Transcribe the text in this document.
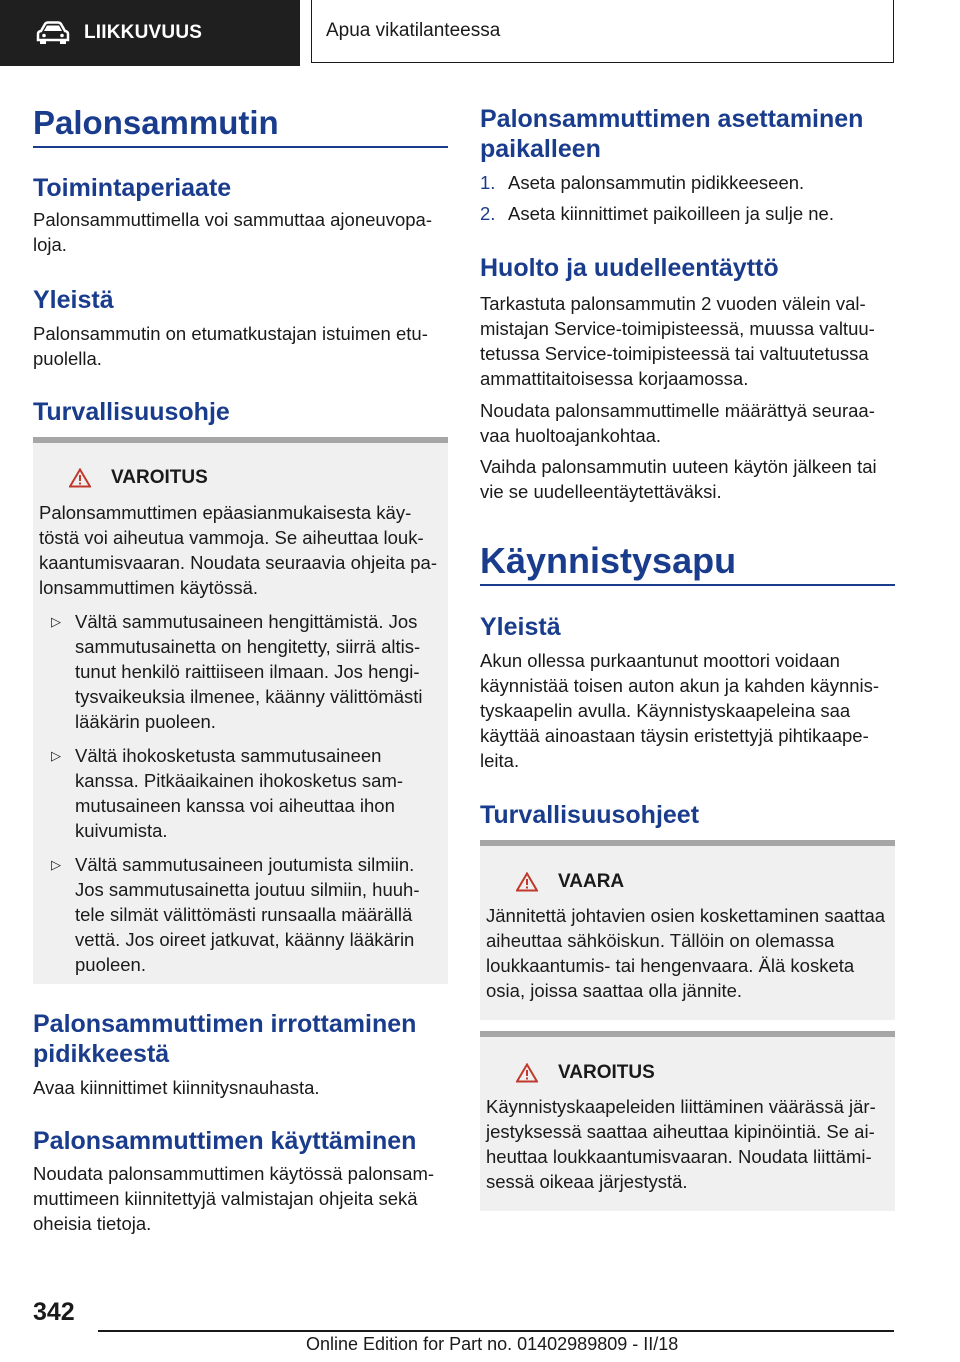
LIIKKUVUUS	Apua vikatilanteessa
Palonsammutin
Toimintaperiaate

Palonsammuttimella voi sammuttaa ajoneuvopaloja.

Yleistä

Palonsammutin on etumatkustajan istuimen etupuolella.

Turvallisuusohje
VAROITUS

Palonsammuttimen epäasianmukaisesta käytöstä voi aiheutua vammoja. Se aiheuttaa loukkaantumisvaaran. Noudata seuraavia ohjeita palonsammuttimen käytössä.

▷ Vältä sammutusaineen hengittämistä. Jos sammutusainetta on hengitetty, siirrä altistunut henkilö raittiiseen ilmaan. Jos hengitysvaikeuksia ilmenee, käänny välittömästi lääkärin puoleen.
▷ Vältä ihokosketusta sammutusaineen kanssa. Pitkäaikainen ihokosketus sammutusaineen kanssa voi aiheuttaa ihon kuivumista.
▷ Vältä sammutusaineen joutumista silmiin. Jos sammutusainetta joutuu silmiin, huuhtele silmät välittömästi runsaalla määrällä vettä. Jos oireet jatkuvat, käänny lääkärin puoleen.
Palonsammuttimen irrottaminen pidikkeestä

Avaa kiinnittimet kiinnitysnauhasta.

Palonsammuttimen käyttäminen

Noudata palonsammuttimen käytössä palonsammuttimeen kiinnitettyjä valmistajan ohjeita sekä oheisia tietoja.

Palonsammuttimen asettaminen paikalleen
1. Aseta palonsammutin pidikkeeseen.
2. Aseta kiinnittimet paikoilleen ja sulje ne.
Huolto ja uudelleentäyttö

Tarkastuta palonsammutin 2 vuoden välein valmistajan Service-toimipisteessä, muussa valtuutetussa Service-toimipisteessä tai valtuutetussa ammattitaitoisessa korjaamossa.

Noudata palonsammuttimelle määrättyä seuraavaa huoltoajankohtaa.

Vaihda palonsammutin uuteen käytön jälkeen tai vie se uudelleentäytettäväksi.

Käynnistysapu
Yleistä

Akun ollessa purkaantunut moottori voidaan käynnistää toisen auton akun ja kahden käynnistyskaapelin avulla. Käynnistyskaapeleina saa käyttää ainoastaan täysin eristettyjä pihtikaapeleita.

Turvallisuusohjeet
VAARA

Jännitettä johtavien osien koskettaminen saattaa aiheuttaa sähköiskun. Tällöin on olemassa loukkaantumis- tai hengenvaara. Älä kosketa osia, joissa saattaa olla jännite.

VAROITUS

Käynnistyskaapeleiden liittäminen väärässä järjestyksessä saattaa aiheuttaa kipinöintiä. Se aiheuttaa loukkaantumisvaaran. Noudata liittämisessä oikeaa järjestystä.

342
Online Edition for Part no. 01402989809 - II/18
